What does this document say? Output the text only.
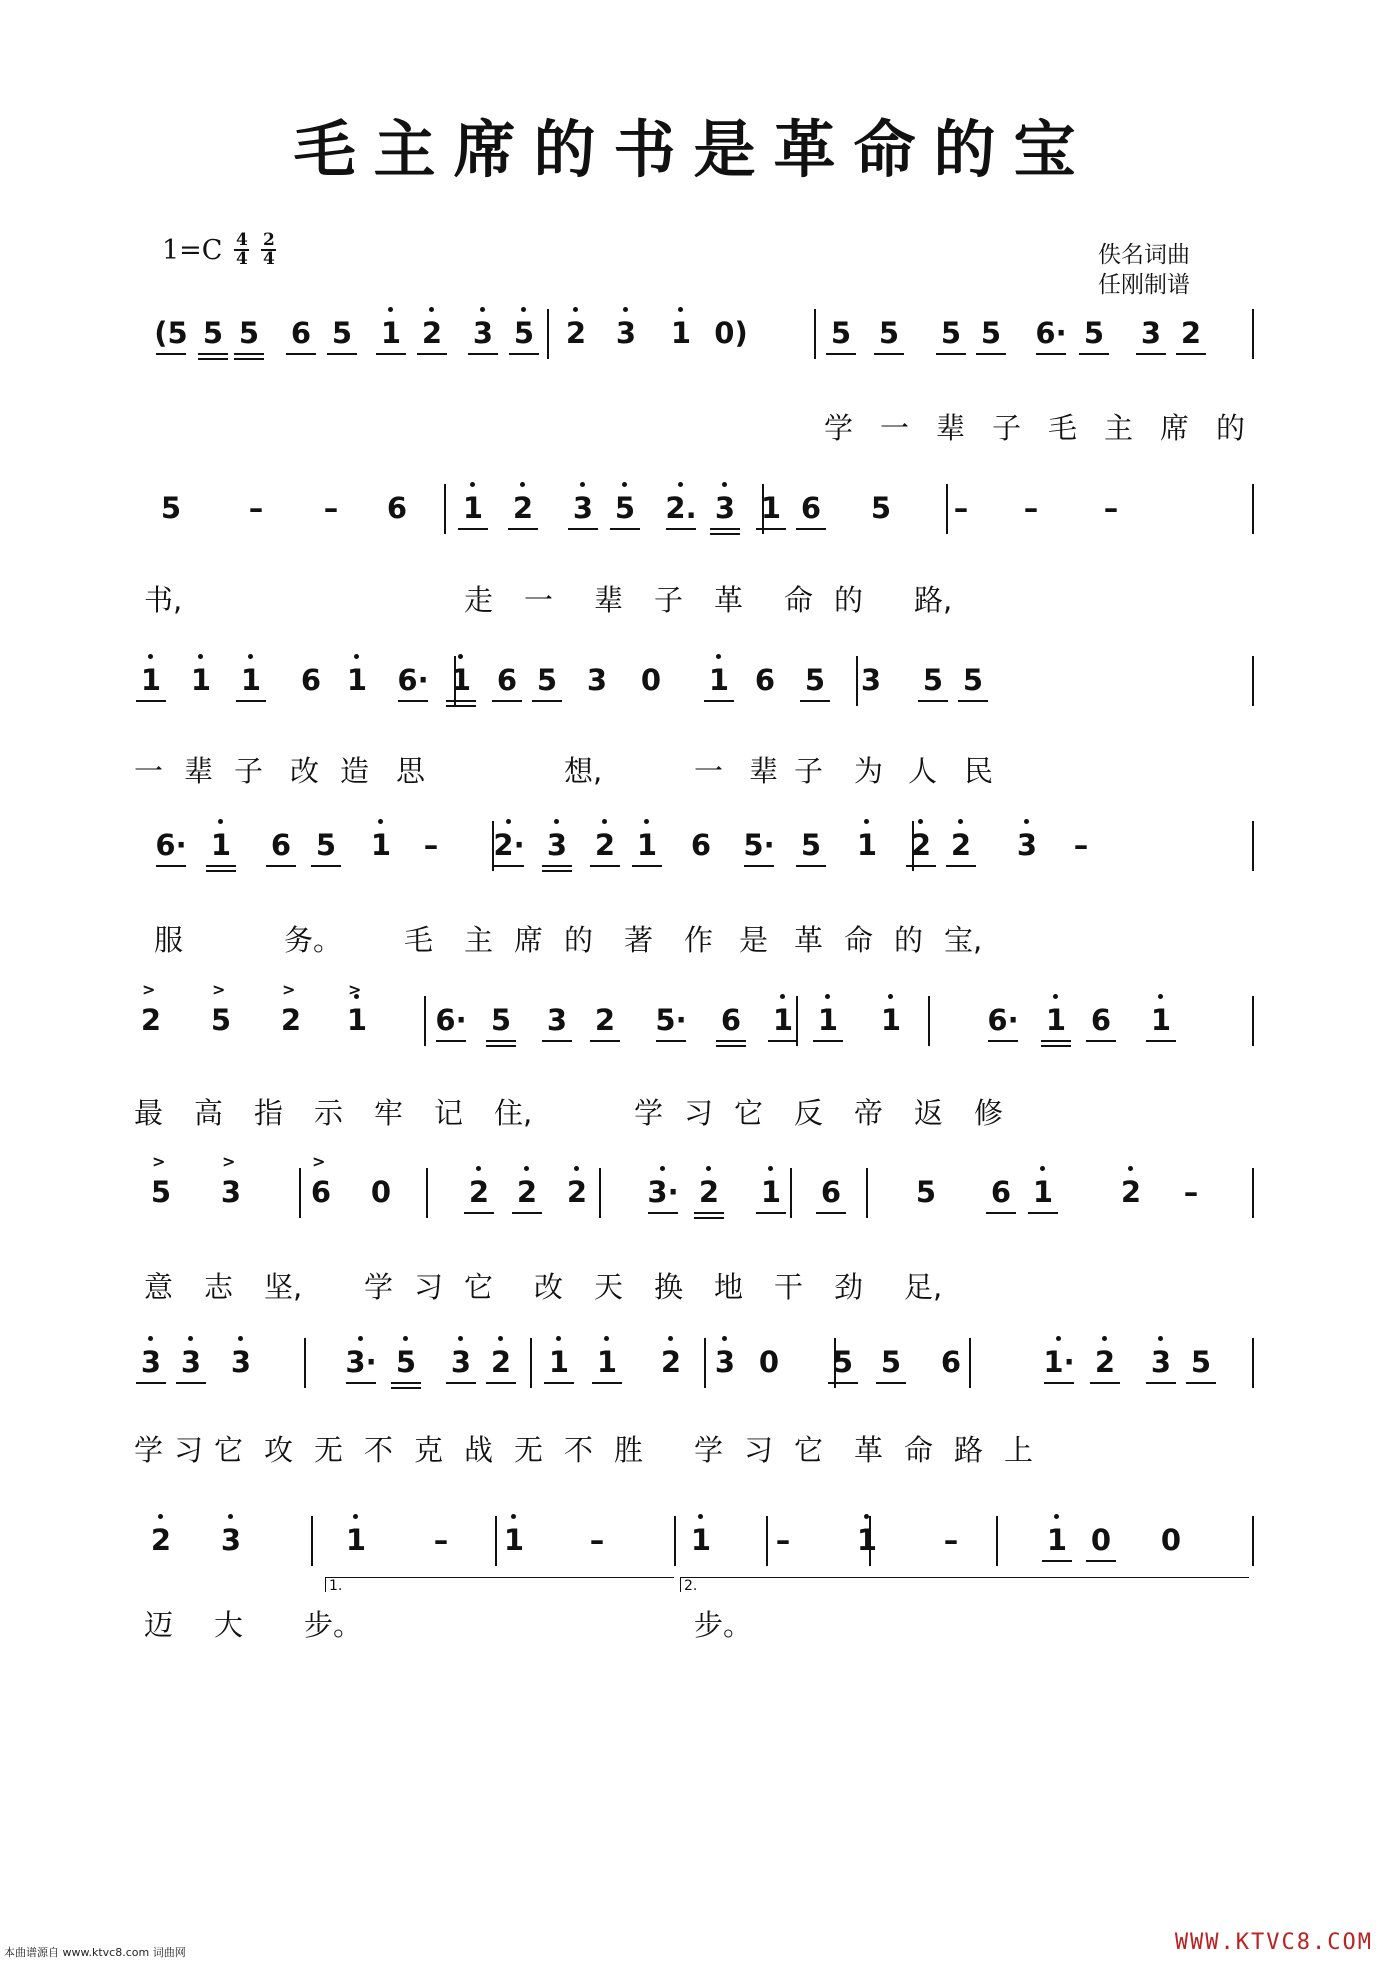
毛主席的书是革命的宝
$1=C \frac{4}{4} \frac{2}{4}$	佚名词曲
任刚制谱
(5 5 5 6 5 1 2 3 5 2 3 1 0)	5 5 5 5 6· 5 3 2
学 一 辈 子 毛 主 席 的
5	–	–	6 1 2 3 5 2. 3 1 6 5	–	–	–
书,	走 一 辈 子 革 命 的 路,
1 1 1 6 1 6· 1 6 5 3 0 1 6 5 3 5 5
一 辈 子 改 造 思	想,	一 辈 子 为 人 民
6· 1 6 5 1	–	2· 3 2 1 6 5· 5 1 2 2 3	–
服	务。 毛 主 席 的 著 作 是 革 命 的 宝,
2
>
5
>
2
>
1
>
6· 5 3 2 5· 6 1 1 1	6· 1 6 1
最 高 指 示 牢 记 住,	学 习 它 反 帝 返 修
5
>
3
>
6
>
0	2 2 2 3· 2 1 6	5 6 1 2	–
意 志 坚, 学 习 它 改 天 换 地 干 劲 足,
3 3 3	3· 5 3 2 1 1 2 3 0 5 5 6	1· 2 3 5
学 习 它 攻 无 不 克 战 无 不 胜 学 习 它 革 命 路 上
2 3	1	–	1	–	1	–	1	–	1 0 0
迈 大 步。	步。
1.	2.
本曲谱源自 www.ktvc8.com 词曲网	WWW.KTVC8.COM
